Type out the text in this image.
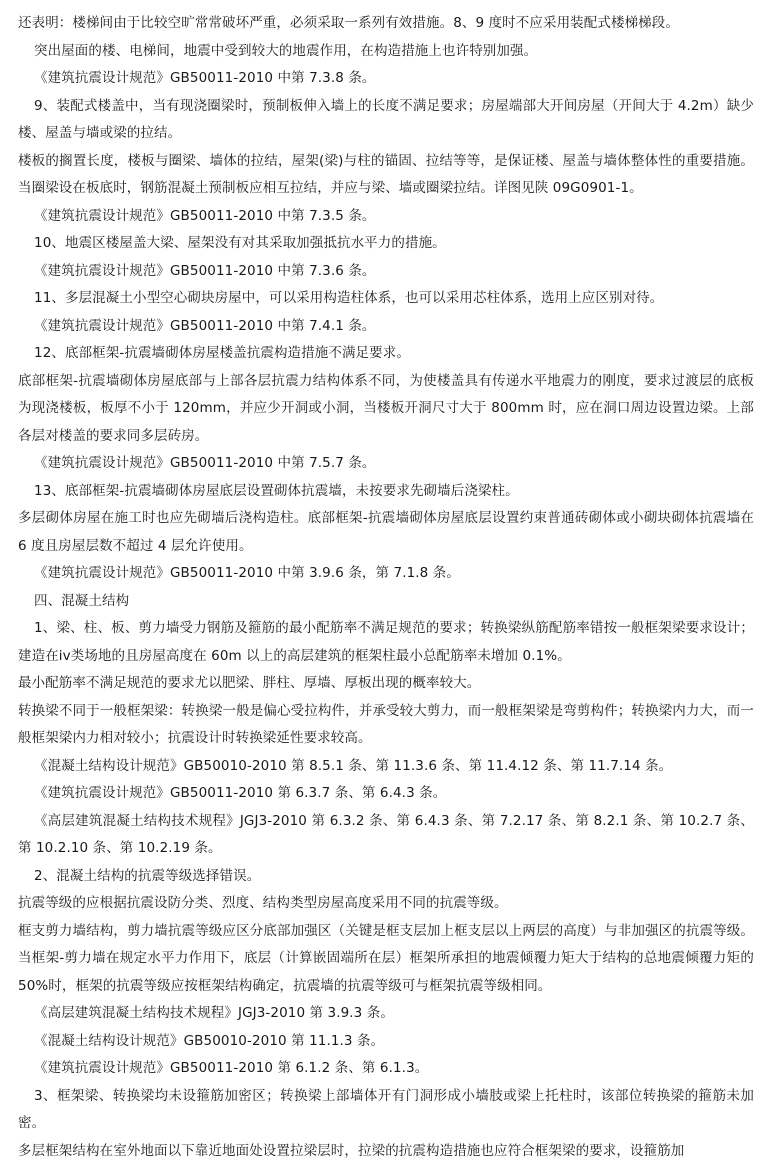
还表明：楼梯间由于比较空旷常常破坏严重，必须采取一系列有效措施。8、9 度时不应采用装配式楼梯梯段。

突出屋面的楼、电梯间，地震中受到较大的地震作用，在构造措施上也许特别加强。

《建筑抗震设计规范》GB50011-2010 中第 7.3.8 条。

9、装配式楼盖中，当有现浇圈梁时，预制板伸入墙上的长度不满足要求；房屋端部大开间房屋（开间大于 4.2m）缺少楼、屋盖与墙或梁的拉结。

楼板的搁置长度，楼板与圈梁、墙体的拉结，屋架(梁)与柱的锚固、拉结等等，是保证楼、屋盖与墙体整体性的重要措施。当圈梁设在板底时，钢筋混凝土预制板应相互拉结，并应与梁、墙或圈梁拉结。详图见陕 09G0901-1。

《建筑抗震设计规范》GB50011-2010 中第 7.3.5 条。

10、地震区楼屋盖大梁、屋架没有对其采取加强抵抗水平力的措施。

《建筑抗震设计规范》GB50011-2010 中第 7.3.6 条。

11、多层混凝土小型空心砌块房屋中，可以采用构造柱体系，也可以采用芯柱体系，选用上应区别对待。

《建筑抗震设计规范》GB50011-2010 中第 7.4.1 条。

12、底部框架-抗震墙砌体房屋楼盖抗震构造措施不满足要求。

底部框架-抗震墙砌体房屋底部与上部各层抗震力结构体系不同，为使楼盖具有传递水平地震力的刚度，要求过渡层的底板为现浇楼板，板厚不小于 120mm，并应少开洞或小洞，当楼板开洞尺寸大于 800mm 时，应在洞口周边设置边梁。上部各层对楼盖的要求同多层砖房。

《建筑抗震设计规范》GB50011-2010 中第 7.5.7 条。

13、底部框架-抗震墙砌体房屋底层设置砌体抗震墙，未按要求先砌墙后浇梁柱。

多层砌体房屋在施工时也应先砌墙后浇构造柱。底部框架-抗震墙砌体房屋底层设置约束普通砖砌体或小砌块砌体抗震墙在 6 度且房屋层数不超过 4 层允许使用。

《建筑抗震设计规范》GB50011-2010 中第 3.9.6 条，第 7.1.8 条。

四、混凝土结构

1、梁、柱、板、剪力墙受力钢筋及箍筋的最小配筋率不满足规范的要求；转换梁纵筋配筋率错按一般框架梁要求设计；建造在iv类场地的且房屋高度在 60m 以上的高层建筑的框架柱最小总配筋率未增加 0.1%。

最小配筋率不满足规范的要求尤以肥梁、胖柱、厚墙、厚板出现的概率较大。

转换梁不同于一般框架梁：转换梁一般是偏心受拉构件，并承受较大剪力，而一般框架梁是弯剪构件；转换梁内力大，而一般框架梁内力相对较小；抗震设计时转换梁延性要求较高。

《混凝土结构设计规范》GB50010-2010 第 8.5.1 条、第 11.3.6 条、第 11.4.12 条、第 11.7.14 条。

《建筑抗震设计规范》GB50011-2010 第 6.3.7 条、第 6.4.3 条。

《高层建筑混凝土结构技术规程》JGJ3-2010 第 6.3.2 条、第 6.4.3 条、第 7.2.17 条、第 8.2.1 条、第 10.2.7 条、第 10.2.10 条、第 10.2.19 条。

2、混凝土结构的抗震等级选择错误。

抗震等级的应根据抗震设防分类、烈度、结构类型房屋高度采用不同的抗震等级。

框支剪力墙结构，剪力墙抗震等级应区分底部加强区（关键是框支层加上框支层以上两层的高度）与非加强区的抗震等级。 当框架-剪力墙在规定水平力作用下，底层（计算嵌固端所在层）框架所承担的地震倾覆力矩大于结构的总地震倾覆力矩的 50%时，框架的抗震等级应按框架结构确定，抗震墙的抗震等级可与框架抗震等级相同。

《高层建筑混凝土结构技术规程》JGJ3-2010 第 3.9.3 条。

《混凝土结构设计规范》GB50010-2010 第 11.1.3 条。

《建筑抗震设计规范》GB50011-2010 第 6.1.2 条、第 6.1.3。

3、框架梁、转换梁均未设箍筋加密区；转换梁上部墙体开有门洞形成小墙肢或梁上托柱时，该部位转换梁的箍筋未加密。

多层框架结构在室外地面以下靠近地面处设置拉梁层时，拉梁的抗震构造措施也应符合框架梁的要求，设箍筋加
